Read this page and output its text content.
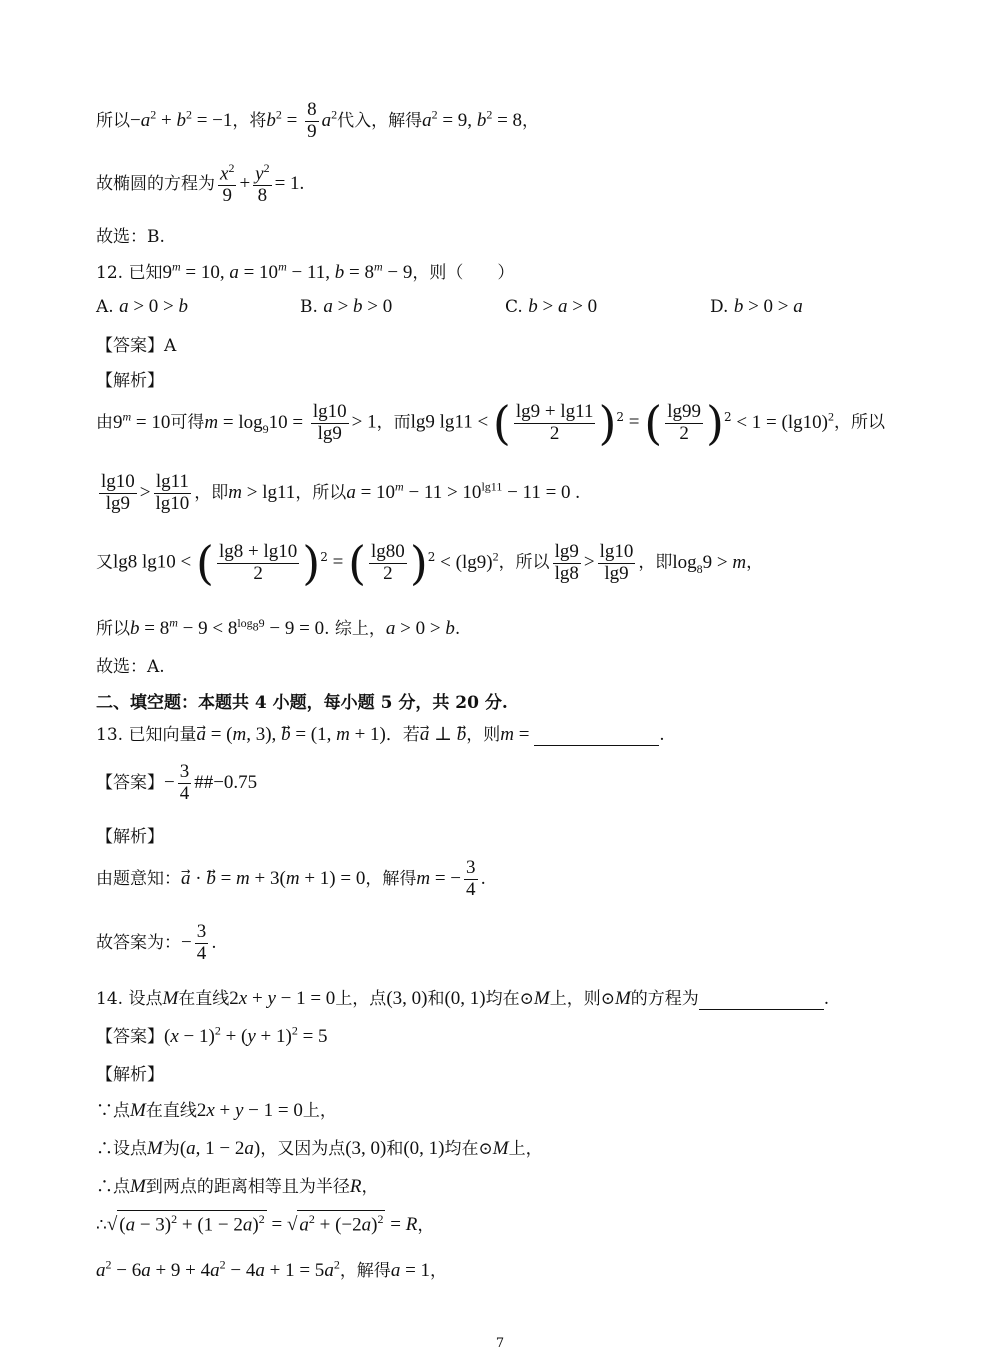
所以$-a^2 + b^2 = -1$，将$b^2 = \frac{8}{9} a^2$代入，解得$a^2 = 9$, $b^2 = 8$，
故椭圆的方程为 $\frac{x^2}{9} + \frac{y^2}{8} = 1$.
故选：B.
12. 已知$9^m = 10$, $a = 10^m - 11$, $b = 8^m - 9$，则（　　）
A. a > 0 > b	B. a > b > 0	C. b > a > 0	D. b > 0 > a
【答案】A
【解析】
由$9^m = 10$可得$m = \log_910 = \frac{\lg 10}{\lg 9} > 1$，而lg9 lg11 < ( $\frac{\lg 9 + \lg 11}{2} )^2$ = ( $\frac{\lg 99}{2} )^2 < 1 = (\lg 10)^2$，所以
$\frac{\lg 10}{\lg 9} > \frac{\lg 11}{\lg 10}$ ，即m > lg11，所以$a = 10^m - 11 > 10^{lg11} - 11 = 0$ .
又lg8 lg10 < ( $\frac{\lg 8 + \lg 10}{2} )^2$ = ( $\frac{\lg 80}{2} )^2 < (\lg 9)^2$，所以 $\frac{\lg 9}{\lg 8} > \frac{\lg 10}{\lg 9}$ ，即$\log_89 > m$，
所以$b = 8^m - 9 < 8^{log_89} - 9 = 0$. 综上，a > 0 > b.
故选：A.
二、填空题：本题共 4 小题，每小题 5 分，共 20 分.
13. 已知向量a⃗ = (m, 3), b⃗ = (1, m + 1)．若a⃗ ⊥ b，则m =	.
【答案】− $\frac{3}{4}$ ##−0.75
【解析】
由题意知：a⃗ · b⃗ = m + 3(m + 1) = 0，解得m = − $\frac{3}{4}$ .
故答案为：− $\frac{3}{4}$ .
14. 设点M在直线2x + y − 1 = 0上，点(3, 0)和(0, 1)均在⊙M上，则⊙M的方程为	.
【答案】$(x - 1)^2 + (y + 1)^2 = 5$
【解析】
∵点M在直线2x + y − 1 = 0上，
∴设点M为(a, 1 − 2a)，又因为点(3, 0)和(0, 1)均在⊙M上，
∴点M到两点的距离相等且为半径R，
∴√ $(a - 3)^2 + (1 - 2a)^2$ = √ $a^2 + (-2a)^2 = R$，
$a^2 - 6a + 9 + 4a^2 - 4a + 1 = 5a^2$，解得a = 1，
7
